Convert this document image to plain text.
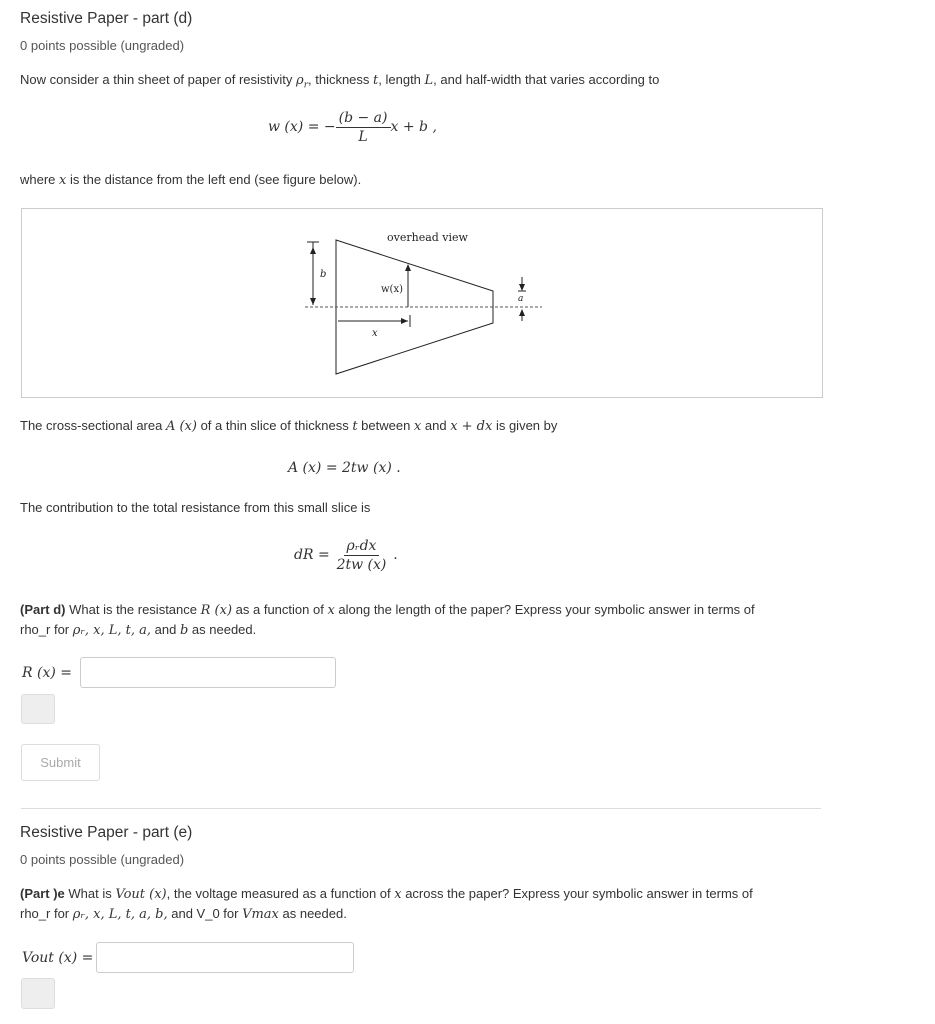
Resistive Paper - part (d)
0 points possible (ungraded)
Now consider a thin sheet of paper of resistivity $\rho_r$, thickness t, length L, and half-width that varies according to
w (x) = − $\frac{(b - a)}{L}$ x + b ,
where x is the distance from the left end (see figure below).
b
w(x)
x
overhead view
a
The cross-sectional area A (x) of a thin slice of thickness t between x and x + dx is given by
A (x) = 2tw (x) .
The contribution to the total resistance from this small slice is
dR = $\frac{\text{ρᵣdx}}{2tw (x)}$ .
(Part d) What is the resistance R (x) as a function of x along the length of the paper? Express your symbolic answer in terms of
rho_r for ρᵣ, x, L, t, a, and b as needed.
R (x) =
Submit
Resistive Paper - part (e)
0 points possible (ungraded)
(Part )e What is Vout (x), the voltage measured as a function of x across the paper? Express your symbolic answer in terms of
rho_r for ρᵣ, x, L, t, a, b, and V_0 for Vmax as needed.
Vout (x) =
